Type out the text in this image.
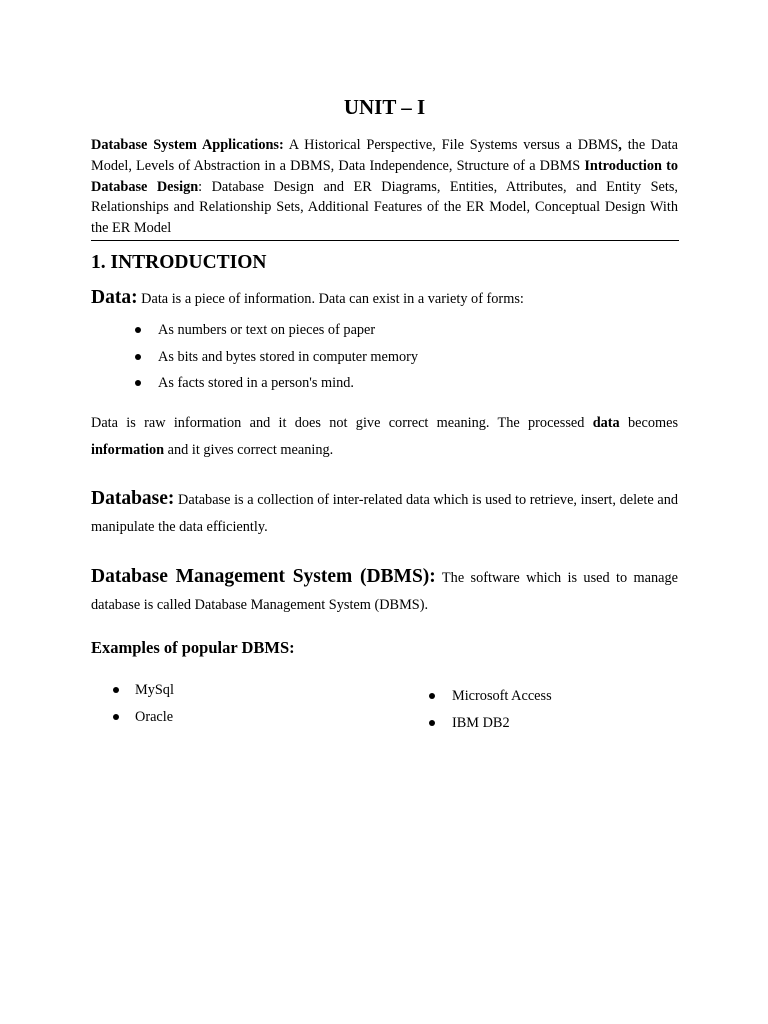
UNIT – I
Database System Applications: A Historical Perspective, File Systems versus a DBMS, the Data Model, Levels of Abstraction in a DBMS, Data Independence, Structure of a DBMS Introduction to Database Design: Database Design and ER Diagrams, Entities, Attributes, and Entity Sets, Relationships and Relationship Sets, Additional Features of the ER Model, Conceptual Design With the ER Model
1. INTRODUCTION
Data: Data is a piece of information. Data can exist in a variety of forms:
As numbers or text on pieces of paper
As bits and bytes stored in computer memory
As facts stored in a person's mind.
Data is raw information and it does not give correct meaning. The processed data becomes information and it gives correct meaning.
Database: Database is a collection of inter-related data which is used to retrieve, insert, delete and manipulate the data efficiently.
Database Management System (DBMS): The software which is used to manage database is called Database Management System (DBMS).
Examples of popular DBMS:
MySql
Oracle
Microsoft Access
IBM DB2
